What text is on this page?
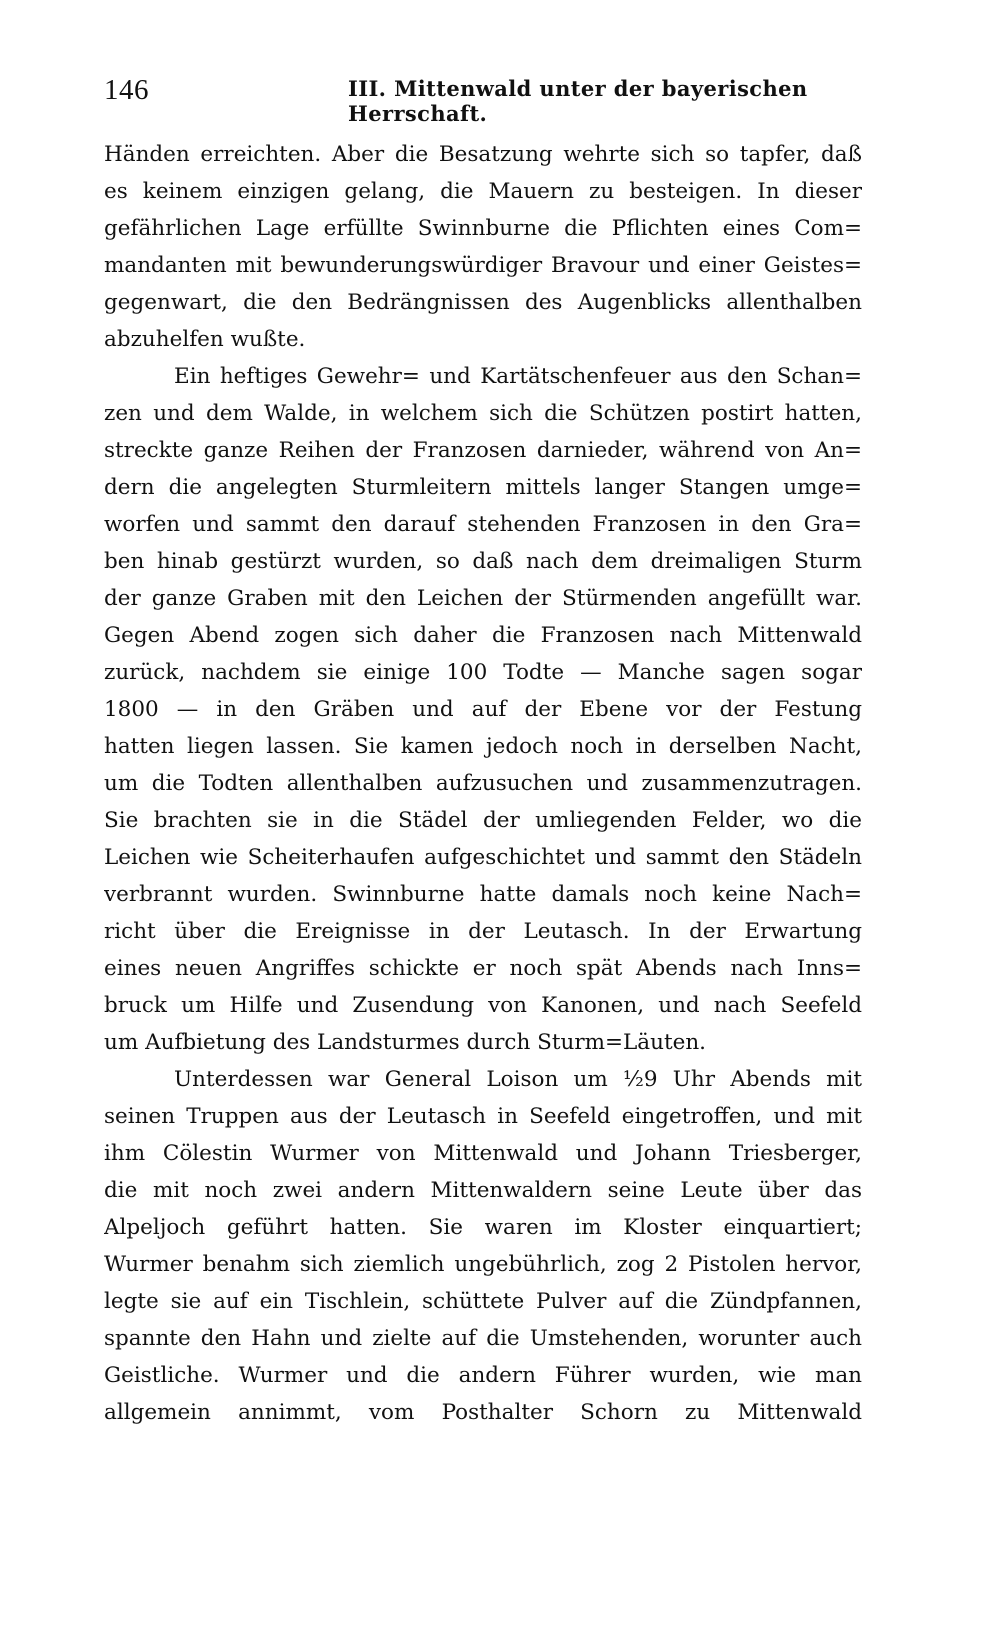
146	III. Mittenwald unter der bayerischen Herrschaft.
Händen erreichten. Aber die Besatzung wehrte sich so tapfer, daß
es keinem einzigen gelang, die Mauern zu besteigen. In dieser
gefährlichen Lage erfüllte Swinnburne die Pflichten eines Com=
mandanten mit bewunderungswürdiger Bravour und einer Geistes=
gegenwart, die den Bedrängnissen des Augenblicks allenthalben
abzuhelfen wußte.
Ein heftiges Gewehr= und Kartätschenfeuer aus den Schan=
zen und dem Walde, in welchem sich die Schützen postirt hatten,
streckte ganze Reihen der Franzosen darnieder, während von An=
dern die angelegten Sturmleitern mittels langer Stangen umge=
worfen und sammt den darauf stehenden Franzosen in den Gra=
ben hinab gestürzt wurden, so daß nach dem dreimaligen Sturm
der ganze Graben mit den Leichen der Stürmenden angefüllt war.
Gegen Abend zogen sich daher die Franzosen nach Mittenwald
zurück, nachdem sie einige 100 Todte — Manche sagen sogar
1800 — in den Gräben und auf der Ebene vor der Festung
hatten liegen lassen. Sie kamen jedoch noch in derselben Nacht,
um die Todten allenthalben aufzusuchen und zusammenzutragen.
Sie brachten sie in die Städel der umliegenden Felder, wo die
Leichen wie Scheiterhaufen aufgeschichtet und sammt den Städeln
verbrannt wurden. Swinnburne hatte damals noch keine Nach=
richt über die Ereignisse in der Leutasch. In der Erwartung
eines neuen Angriffes schickte er noch spät Abends nach Inns=
bruck um Hilfe und Zusendung von Kanonen, und nach Seefeld
um Aufbietung des Landsturmes durch Sturm=Läuten.
Unterdessen war General Loison um ½9 Uhr Abends mit
seinen Truppen aus der Leutasch in Seefeld eingetroffen, und mit
ihm Cölestin Wurmer von Mittenwald und Johann Triesberger,
die mit noch zwei andern Mittenwaldern seine Leute über das
Alpeljoch geführt hatten. Sie waren im Kloster einquartiert;
Wurmer benahm sich ziemlich ungebührlich, zog 2 Pistolen hervor,
legte sie auf ein Tischlein, schüttete Pulver auf die Zündpfannen,
spannte den Hahn und zielte auf die Umstehenden, worunter auch
Geistliche. Wurmer und die andern Führer wurden, wie man
allgemein annimmt, vom Posthalter Schorn zu Mittenwald
